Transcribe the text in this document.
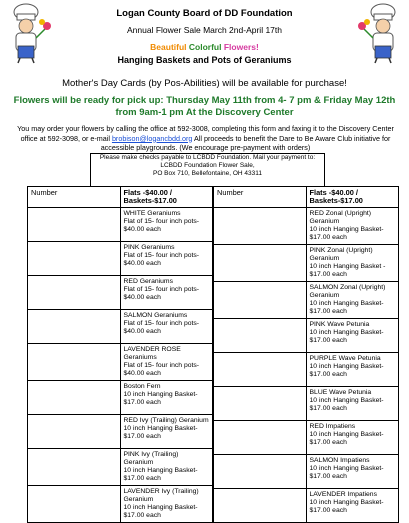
Logan County Board of DD Foundation
Annual Flower Sale March 2nd-April 17th
Beautiful Colorful Flowers!
Hanging Baskets and Pots of Geraniums
Mother's Day Cards (by Pos-Abilities) will be available for purchase!
Flowers will be ready for pick up: Thursday May 11th from 4- 7 pm & Friday May 12th from 9am-1 pm At the Discovery Center
You may order your flowers by calling the office at 592-3008, completing this form and faxing it to the Discovery Center office at 592-3098, or e-mail brobison@logancbdd.org All proceeds to benefit the Dare to Be Aware Club initiative for accessible playgrounds. (We encourage pre-payment with orders)
Please make checks payable to LCBDD Foundation. Mail your payment to:
LCBDD Foundation Flower Sale,
PO Box 710, Bellefontaine, OH 43311
Number	Flats -$40.00 / Baskets-$17.00

	WHITE Geraniums
Flat of 15- four inch pots- $40.00 each

	PINK Geraniums
Flat of 15- four inch pots- $40.00 each

	RED Geraniums
Flat of 15- four inch pots- $40.00 each

	SALMON Geraniums
Flat of 15- four inch pots- $40.00 each

	LAVENDER ROSE Geraniums
Flat of 15- four inch pots- $40.00 each

	Boston Fern
10 inch Hanging Basket- $17.00 each

	RED Ivy (Trailing) Geranium
10 inch Hanging Basket- $17.00 each

	PINK Ivy (Trailing) Geranium
10 inch Hanging Basket- $17.00 each

	LAVENDER Ivy (Trailing) Geranium
10 inch Hanging Basket- $17.00 each
Number	Flats -$40.00 / Baskets-$17.00

	RED Zonal (Upright) Geranium
10 inch Hanging Basket- $17.00 each

	PINK Zonal (Upright) Geranium
10 inch Hanging Basket - $17.00 each

	SALMON Zonal (Upright) Geranium
10 inch Hanging Basket- $17.00 each

	PINK Wave Petunia
10 inch Hanging Basket- $17.00 each

	PURPLE Wave Petunia
10 inch Hanging Basket- $17.00 each

	BLUE Wave Petunia
10 inch Hanging Basket- $17.00 each

	RED Impatiens
10 inch Hanging Basket- $17.00 each

	SALMON Impatiens
10 inch Hanging Basket- $17.00 each

	LAVENDER Impatiens
10 inch Hanging Basket- $17.00 each
